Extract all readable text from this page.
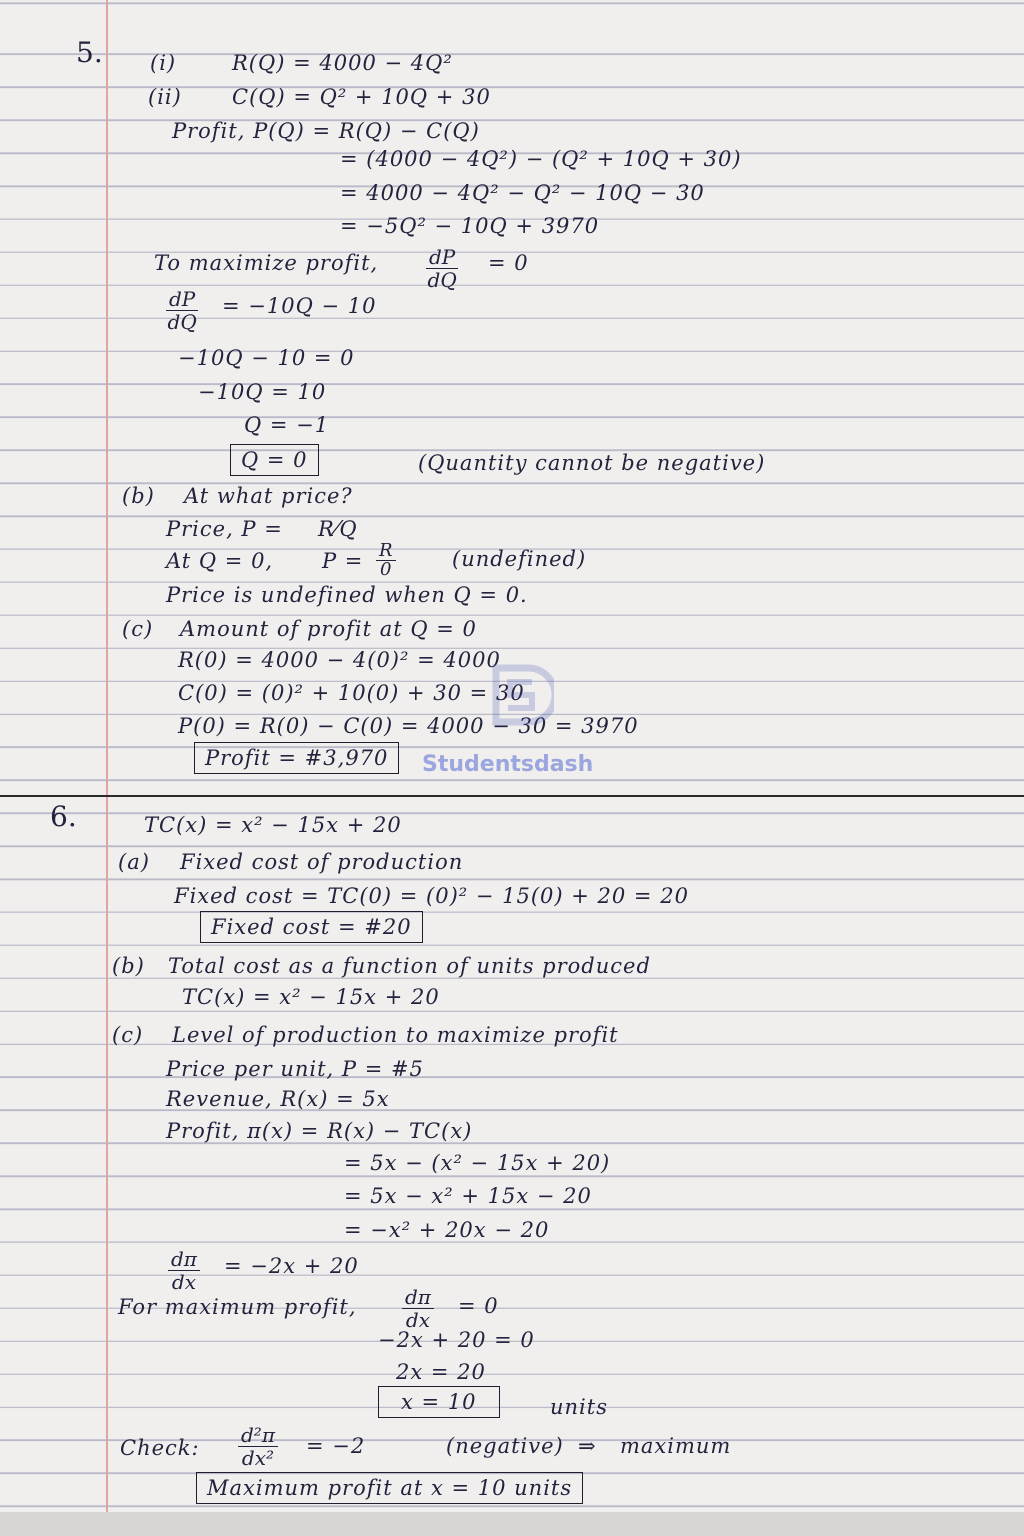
5. (i)	R(Q) = 4000 − 4Q²
(ii) C(Q) = Q² + 10Q + 30
Profit, P(Q) = R(Q) − C(Q)
= (4000 − 4Q²) − (Q² + 10Q + 30)
= 4000 − 4Q² − Q² − 10Q − 30
= −5Q² − 10Q + 3970
To maximize profit, $\frac{dP}{dQ} = 0$
$\frac{dP}{dQ} = -10Q - 10$
−10Q − 10 = 0
−10Q = 10
Q = −1
Q = 0	(Quantity cannot be negative)
(b) At what price?
Price, P = R⁄Q
At Q = 0, $P = \frac{R}{0}$	(undefined)
Price is undefined when Q = 0.
(c) Amount of profit at Q = 0
R(0) = 4000 − 4(0)² = 4000
C(0) = (0)² + 10(0) + 30 = 30
P(0) = R(0) − C(0) = 4000 − 30 = 3970
Profit = #3,970	Studentsdash
6.	TC(x) = x² − 15x + 20
(a) Fixed cost of production
Fixed cost = TC(0) = (0)² − 15(0) + 20 = 20
Fixed cost = #20
(b) Total cost as a function of units produced
TC(x) = x² − 15x + 20
(c) Level of production to maximize profit
Price per unit, P = #5
Revenue, R(x) = 5x
Profit, π(x) = R(x) − TC(x)
= 5x − (x² − 15x + 20)
= 5x − x² + 15x − 20
= −x² + 20x − 20
$\frac{d\pi}{dx} = -2x + 20$
For maximum profit, $\frac{d\pi}{dx} = 0$
−2x + 20 = 0
2x = 20
x = 10	units
Check: $\frac{\text{d²π}}{\text{dx²}} = -2$	(negative) ⇒ maximum
Maximum profit at x = 10 units
